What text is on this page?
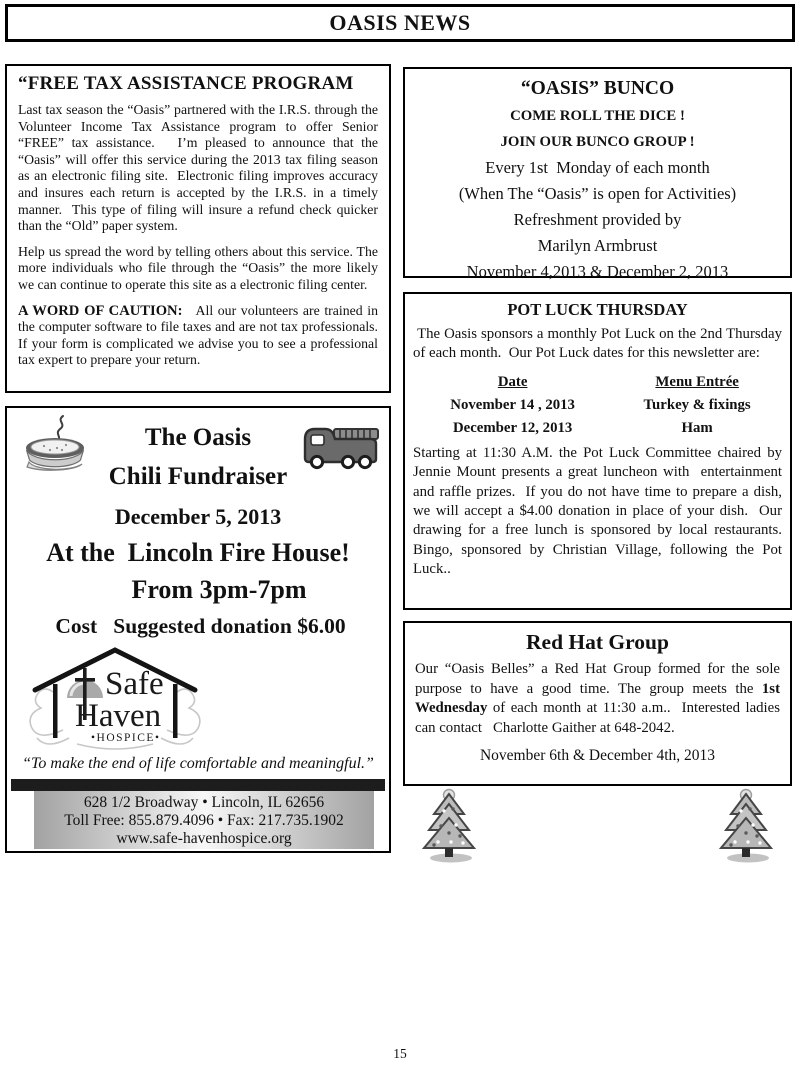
OASIS NEWS
“FREE TAX ASSISTANCE PROGRAM

Last tax season the “Oasis” partnered with the I.R.S. through the Volunteer Income Tax Assistance program to offer Senior “FREE” tax assistance.   I’m pleased to announce that the “Oasis” will offer this service during the 2013 tax filing season as an electronic filing site.  Electronic filing improves accuracy and insures each return is accepted by the I.R.S. in a timely manner.  This type of filing will insure a refund check quicker than the “Old” paper system.

Help us spread the word by telling others about this service. The more individuals who file through the “Oasis” the more likely we can continue to operate this site as a electronic filing center.

A WORD OF CAUTION:   All our volunteers are trained in the computer software to file taxes and are not tax professionals.  If your form is complicated we advise you to see a professional tax expert to prepare your return.

The Oasis
Chili Fundraiser
December 5, 2013
At the  Lincoln Fire House!
From 3pm-7pm
Cost   Suggested donation $6.00
Safe
Haven
•HOSPICE•
“To make the end of life comfortable and meaningful.”
628 1/2 Broadway • Lincoln, IL 62656
Toll Free: 855.879.4096 • Fax: 217.735.1902
www.safe-havenhospice.org
“OASIS” BUNCO
COME ROLL THE DICE !
JOIN OUR BUNCO GROUP !
Every 1st  Monday of each month
(When The “Oasis” is open for Activities)
Refreshment provided by
Marilyn Armbrust
November 4,2013 & December 2, 2013
POT LUCK THURSDAY

The Oasis sponsors a monthly Pot Luck on the 2nd Thursday of each month.  Our Pot Luck dates for this newsletter are:

Date	Menu Entrée
November 14 , 2013	Turkey & fixings
December 12, 2013	Ham

Starting at 11:30 A.M. the Pot Luck Committee chaired by Jennie Mount presents a great luncheon with  entertainment and raffle prizes.  If you do not have time to prepare a dish, we will accept a $4.00 donation in place of your dish.  Our drawing for a free lunch is sponsored by local restaurants.   Bingo, sponsored by Christian Village, following the Pot Luck..

Red Hat Group

Our “Oasis Belles” a Red Hat Group formed for the sole purpose to have a good time. The group meets the 1st Wednesday of each month at 11:30 a.m..  Interested ladies can contact   Charlotte Gaither at 648-2042.

November 6th & December 4th, 2013
15
